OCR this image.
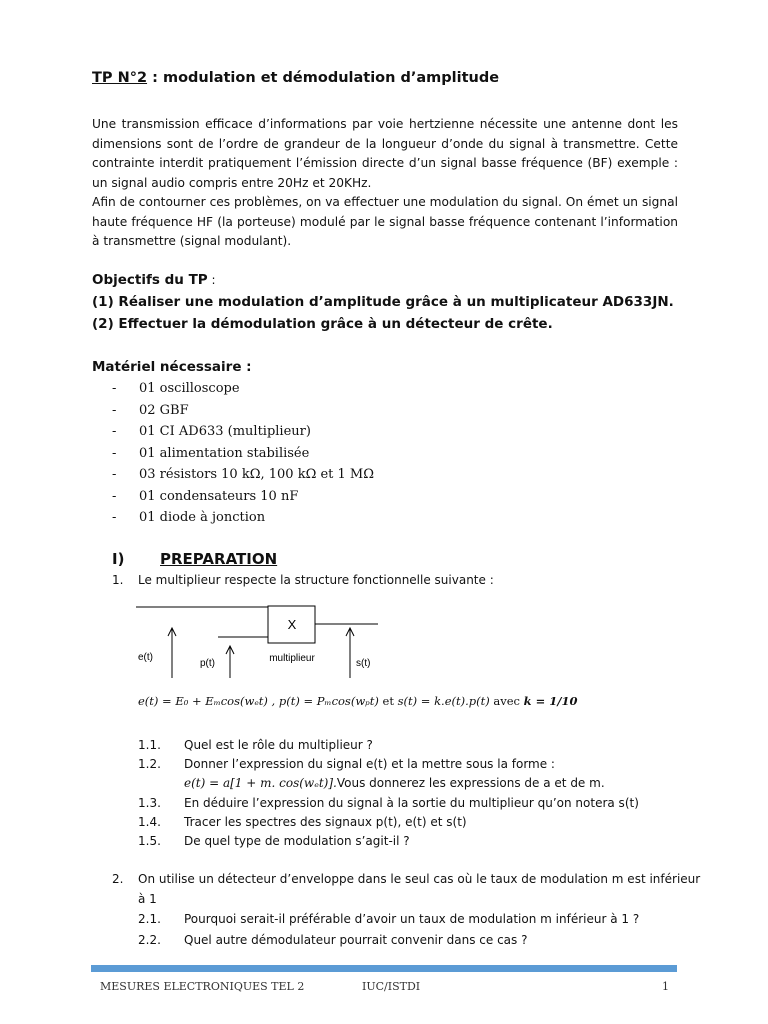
TP N°2 : modulation et démodulation d’amplitude

Une transmission efficace d’informations par voie hertzienne nécessite une antenne dont les dimensions sont de l’ordre de grandeur de la longueur d’onde du signal à transmettre. Cette contrainte interdit pratiquement l’émission directe d’un signal basse fréquence (BF) exemple : un signal audio compris entre 20Hz et 20KHz.

Afin de contourner ces problèmes, on va effectuer une modulation du signal. On émet un signal haute fréquence HF (la porteuse) modulé par le signal basse fréquence contenant l’information à transmettre (signal modulant).

Objectifs du TP :
(1) Réaliser une modulation d’amplitude grâce à un multiplicateur AD633JN.
(2) Effectuer la démodulation grâce à un détecteur de crête.
Matériel nécessaire :
- 01 oscilloscope
- 02 GBF
- 01 CI AD633 (multiplieur)
- 01 alimentation stabilisée
- 03 résistors 10 kΩ, 100 kΩ et 1 MΩ
- 01 condensateurs 10 nF
- 01 diode à jonction
I) PREPARATION
1. Le multiplieur respecte la structure fonctionnelle suivante :
X
multiplieur
e(t)
p(t)	s(t)
e(t) = E₀ + Eₘcos(wₑt) , p(t) = Pₘcos(wₚt) et s(t) = k.e(t).p(t) avec k = 1/10
1.1. Quel est le rôle du multiplieur ?
1.2. Donner l’expression du signal e(t) et la mettre sous la forme :
e(t) = a[1 + m. cos(wₑt)].Vous donnerez les expressions de a et de m.
1.3. En déduire l’expression du signal à la sortie du multiplieur qu’on notera s(t)
1.4. Tracer les spectres des signaux p(t), e(t) et s(t)
1.5. De quel type de modulation s’agit-il ?
2. On utilise un détecteur d’enveloppe dans le seul cas où le taux de modulation m est inférieur
à 1
2.1. Pourquoi serait-il préférable d’avoir un taux de modulation m inférieur à 1 ?
2.2. Quel autre démodulateur pourrait convenir dans ce cas ?
MESURES ELECTRONIQUES TEL 2	IUC/ISTDI	1
